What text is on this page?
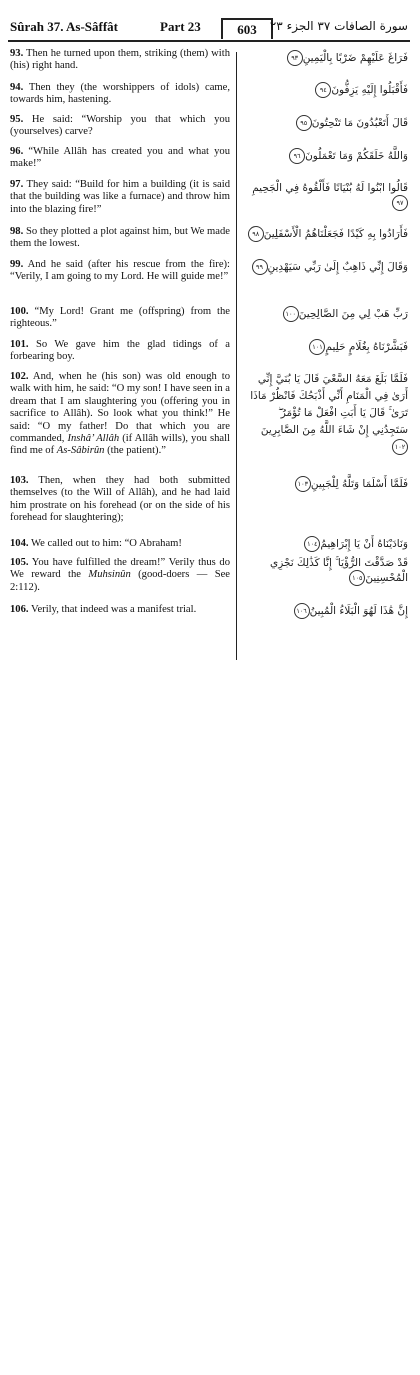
Sûrah 37. As-Sâffât	Part 23	603	سورة الصافات ٣٧ الجزء ٢٣
93. Then he turned upon them, striking (them) with (his) right hand.
94. Then they (the worshippers of idols) came, towards him, hastening.
95. He said: “Worship you that which you (yourselves) carve?
96. “While Allâh has created you and what you make!”
97. They said: “Build for him a building (it is said that the building was like a furnace) and throw him into the blazing fire!”
98. So they plotted a plot against him, but We made them the lowest.
99. And he said (after his rescue from the fire): “Verily, I am going to my Lord. He will guide me!”
100. “My Lord! Grant me (offspring) from the righteous.”
101. So We gave him the glad tidings of a forbearing boy.
102. And, when he (his son) was old enough to walk with him, he said: “O my son! I have seen in a dream that I am slaughtering you (offering you in sacrifice to Allâh). So look what you think!” He said: “O my father! Do that which you are commanded, Inshâ’ Allâh (if Allâh wills), you shall find me of As-Sâbirûn (the patient).”
103. Then, when they had both submitted themselves (to the Will of Allâh), and he had laid him prostrate on his forehead (or on the side of his forehead for slaughtering);
104. We called out to him: “O Abraham!
105. You have fulfilled the dream!” Verily thus do We reward the Muhsinûn (good-doers — See 2:112).
106. Verily, that indeed was a manifest trial.
فَرَاغَ عَلَيْهِمْ ضَرْبًا بِالْيَمِينِ٩٣
فَأَقْبَلُوا إِلَيْهِ يَزِفُّونَ٩٤
قَالَ أَتَعْبُدُونَ مَا تَنْحِتُونَ٩٥
وَاللَّهُ خَلَقَكُمْ وَمَا تَعْمَلُونَ٩٦
قَالُوا ابْنُوا لَهُ بُنْيَانًا فَأَلْقُوهُ فِي الْجَحِيمِ٩٧
فَأَرَادُوا بِهِ كَيْدًا فَجَعَلْنَاهُمُ الْأَسْفَلِينَ٩٨
وَقَالَ إِنِّي ذَاهِبٌ إِلَىٰ رَبِّي سَيَهْدِينِ٩٩
رَبِّ هَبْ لِي مِنَ الصَّالِحِينَ١٠٠
فَبَشَّرْنَاهُ بِغُلَامٍ حَلِيمٍ١٠١
فَلَمَّا بَلَغَ مَعَهُ السَّعْيَ قَالَ يَا بُنَيَّ إِنِّي أَرَىٰ فِي الْمَنَامِ أَنِّي أَذْبَحُكَ فَانْظُرْ مَاذَا تَرَىٰ ۚ قَالَ يَا أَبَتِ افْعَلْ مَا تُؤْمَرُ ۖ سَتَجِدُنِي إِنْ شَاءَ اللَّهُ مِنَ الصَّابِرِينَ١٠٢
فَلَمَّا أَسْلَمَا وَتَلَّهُ لِلْجَبِينِ١٠٣
وَنَادَيْنَاهُ أَنْ يَا إِبْرَاهِيمُ١٠٤
قَدْ صَدَّقْتَ الرُّؤْيَا ۚ إِنَّا كَذَٰلِكَ نَجْزِي الْمُحْسِنِينَ١٠٥
إِنَّ هَٰذَا لَهُوَ الْبَلَاءُ الْمُبِينُ١٠٦
